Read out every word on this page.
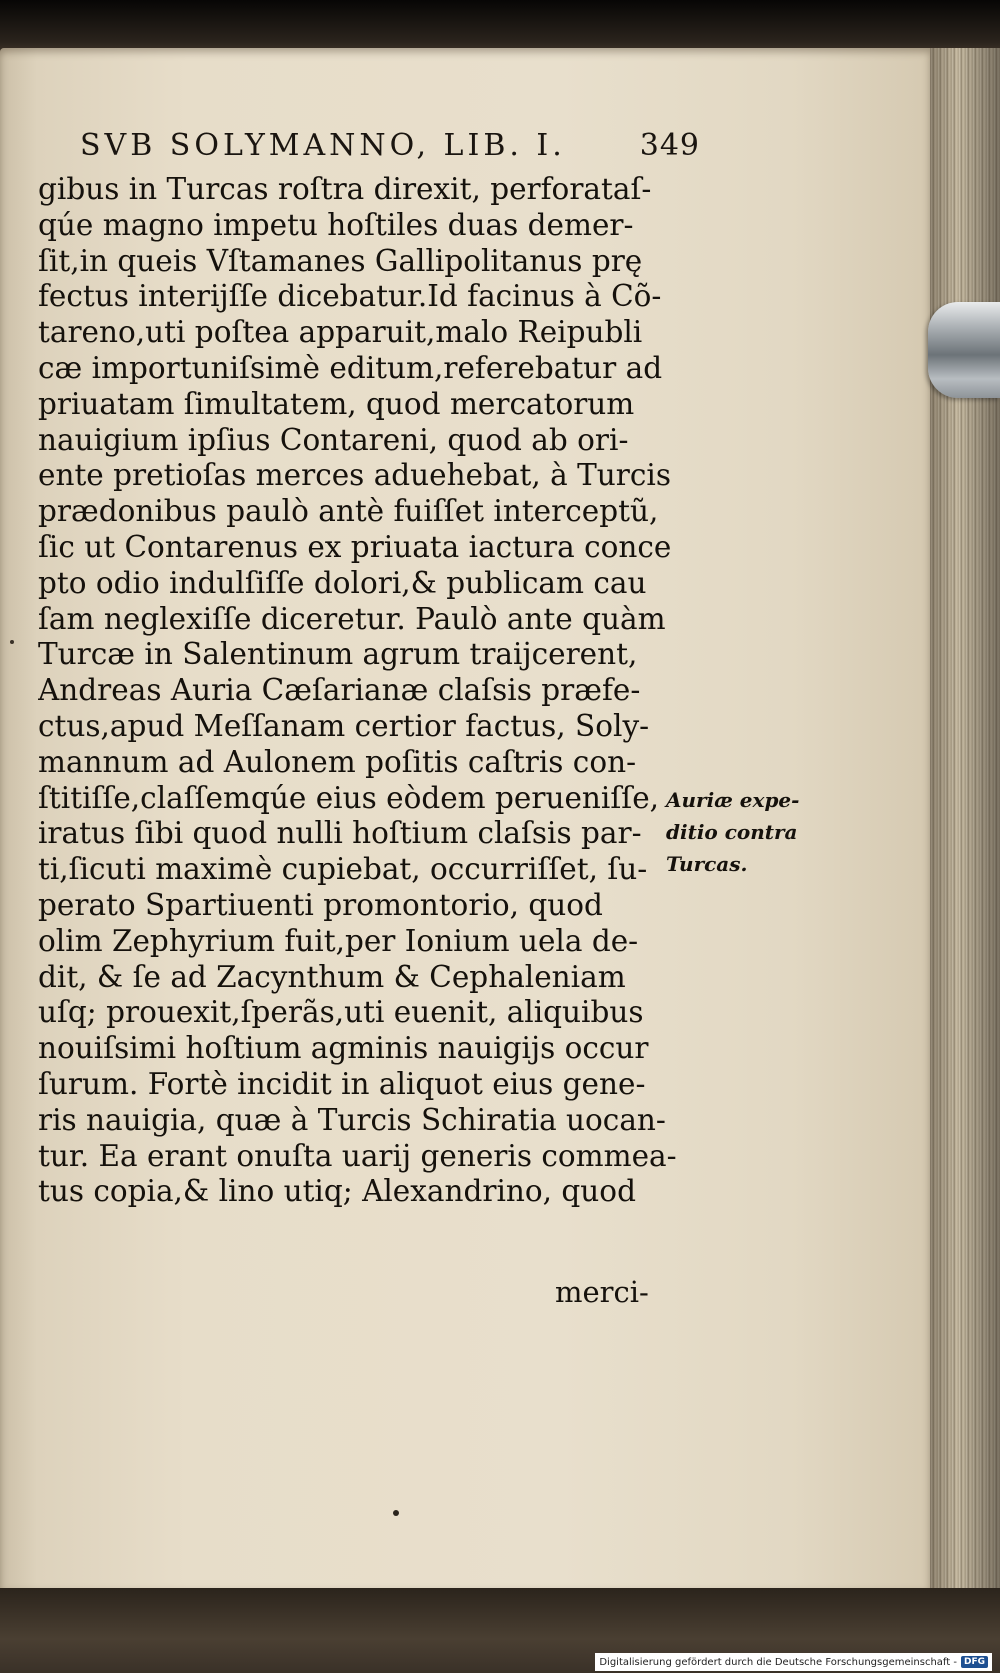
SVB SOLYMANNO, LIB. I. 349
gibus in Turcas roſtra direxit, perforataſ-
qúe magno impetu hoſtiles duas demer-
ſit,in queis Vſtamanes Gallipolitanus prę
fectus interijſſe dicebatur.Id facinus à Cõ-
tareno,uti poſtea apparuit,malo Reipubli
cæ importuniſsimè editum,referebatur ad
priuatam ſimultatem, quod mercatorum
nauigium ipſius Contareni, quod ab ori-
ente pretioſas merces aduehebat, à Turcis
prædonibus paulò antè fuiſſet interceptũ,
ſic ut Contarenus ex priuata iactura conce
pto odio indulſiſſe dolori,& publicam cau
ſam neglexiſſe diceretur. Paulò ante quàm
Turcæ in Salentinum agrum traijcerent,
Andreas Auria Cæſarianæ claſsis præfe-
ctus,apud Meſſanam certior factus, Soly-
mannum ad Aulonem poſitis caſtris con-
ſtitiſſe,claſſemqúe eius eòdem perueniſſe,
iratus ſibi quod nulli hoſtium claſsis par-
ti,ſicuti maximè cupiebat, occurriſſet, ſu-
perato Spartiuenti promontorio, quod
olim Zephyrium fuit,per Ionium uela de-
dit, & ſe ad Zacynthum & Cephaleniam
uſq; prouexit,ſperãs,uti euenit, aliquibus
nouiſsimi hoſtium agminis nauigijs occur
ſurum. Fortè incidit in aliquot eius gene-
ris nauigia, quæ à Turcis Schiratia uocan-
tur. Ea erant onuſta uarij generis commea-
tus copia,& lino utiq; Alexandrino, quod
merci-
Auriæ expe-
ditio contra
Turcas.
Digitalisierung gefördert durch die Deutsche Forschungsgemeinschaft - DFG
